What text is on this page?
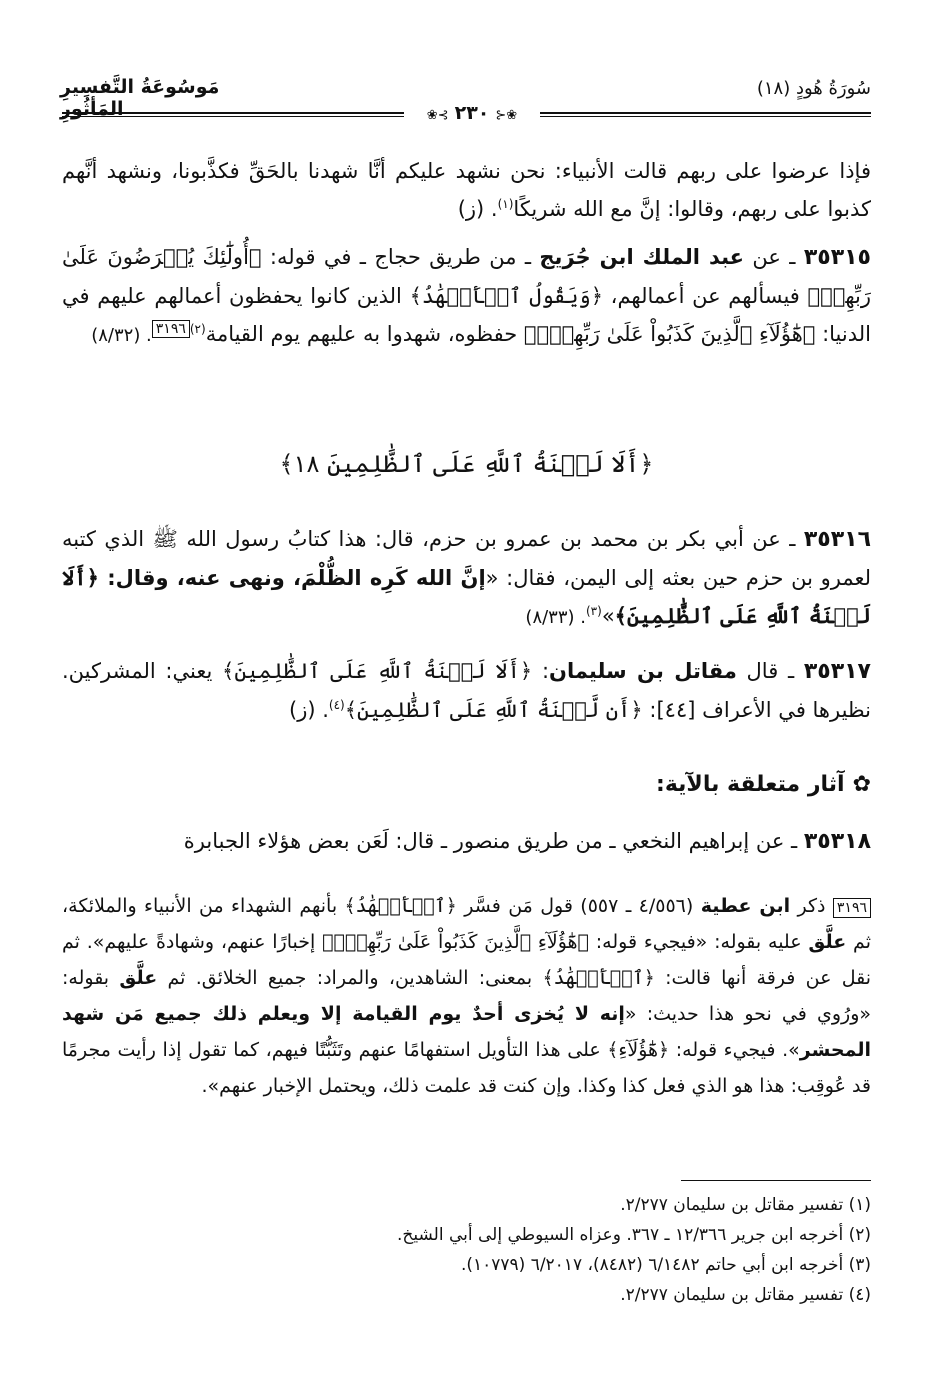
مَوسُوعَةُ التَّفسِيرِ المَأثُورِ
سُورَةُ هُودٍ (١٨)
❀⊰ ٢٣٠ ⊱❀
فإذا عرضوا على ربهم قالت الأنبياء: نحن نشهد عليكم أنَّا شهدنا بالحَقِّ فكذَّبونا، ونشهد أنَّهم كذبوا على ربهم، وقالوا: إنَّ مع الله شريكًا$^{(١)}$. (ز)
٣٥٣١٥ ـ عن عبد الملك ابن جُرَيج ـ من طريق حجاج ـ في قوله: ﴿أُولَٰٓئِكَ يُعۡرَضُونَ عَلَىٰ رَبِّهِمۡ﴾ فيسألهم عن أعمالهم، ﴿وَيَقُولُ ٱلۡأَشۡهَٰدُ﴾ الذين كانوا يحفظون أعمالهم عليهم في الدنيا: ﴿هَٰٓؤُلَآءِ ٱلَّذِينَ كَذَبُواْ عَلَىٰ رَبِّهِمۡۚ﴾ حفظوه، شهدوا به عليهم يوم القيامة$^{(٢)}$٣١٩٦. (٨/٣٢)
﴿أَلَا لَعۡنَةُ ٱللَّهِ عَلَى ٱلظَّٰلِمِينَ ١٨﴾
٣٥٣١٦ ـ عن أبي بكر بن محمد بن عمرو بن حزم، قال: هذا كتابُ رسول الله ﷺ الذي كتبه لعمرو بن حزم حين بعثه إلى اليمن، فقال: «إنَّ الله كَرِه الظُّلْمَ، ونهى عنه، وقال: ﴿أَلَا لَعۡنَةُ ٱللَّهِ عَلَى ٱلظَّٰلِمِينَ﴾»$^{(٣)}$. (٨/٣٣)
٣٥٣١٧ ـ قال مقاتل بن سليمان: ﴿أَلَا لَعۡنَةُ ٱللَّهِ عَلَى ٱلظَّٰلِمِينَ﴾ يعني: المشركين. نظيرها في الأعراف [٤٤]: ﴿أَن لَّعۡنَةُ ٱللَّهِ عَلَى ٱلظَّٰلِمِينَ﴾$^{(٤)}$. (ز)
✿آثار متعلقة بالآية:
٣٥٣١٨ ـ عن إبراهيم النخعي ـ من طريق منصور ـ قال: لَعَن بعض هؤلاء الجبابرة
٣١٩٦ ذكر ابن عطية (٤/٥٥٦ ـ ٥٥٧) قول مَن فسَّر ﴿ٱلۡأَشۡهَٰدُ﴾ بأنهم الشهداء من الأنبياء والملائكة، ثم علَّق عليه بقوله: «فيجيء قوله: ﴿هَٰٓؤُلَآءِ ٱلَّذِينَ كَذَبُواْ عَلَىٰ رَبِّهِمۡۚ﴾ إخبارًا عنهم، وشهادةً عليهم». ثم نقل عن فرقة أنها قالت: ﴿ٱلۡأَشۡهَٰدُ﴾ بمعنى: الشاهدين، والمراد: جميع الخلائق. ثم علَّق بقوله: «ورُوي في نحو هذا حديث: «إنه لا يُخزى أحدٌ يوم القيامة إلا ويعلم ذلك جميع مَن شهد المحشر». فيجيء قوله: ﴿هَٰٓؤُلَآءِ﴾ على هذا التأويل استفهامًا عنهم وتَثَبُّتًا فيهم، كما تقول إذا رأيت مجرمًا قد عُوقِب: هذا هو الذي فعل كذا وكذا. وإن كنت قد علمت ذلك، ويحتمل الإخبار عنهم».
(١) تفسير مقاتل بن سليمان ٢/٢٧٧.
(٢) أخرجه ابن جرير ١٢/٣٦٦ ـ ٣٦٧. وعزاه السيوطي إلى أبي الشيخ.
(٣) أخرجه ابن أبي حاتم ٦/١٤٨٢ (٨٤٨٢)، ٦/٢٠١٧ (١٠٧٧٩).
(٤) تفسير مقاتل بن سليمان ٢/٢٧٧.
